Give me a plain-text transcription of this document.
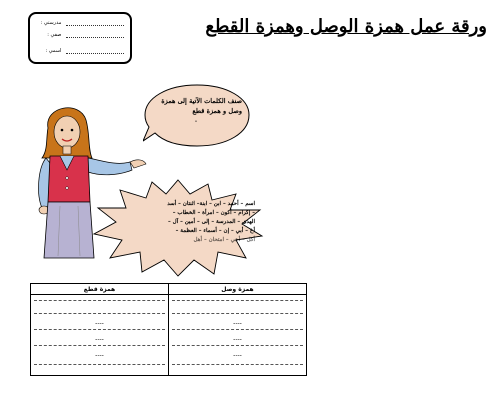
مدرستي :
صفي :
اسمي :
ورقة عمل همزة الوصل وهمزة القطع
صنف الكلمات الآتية إلى همزة وصل و همزة قطع
٠
اسم – أحمد – ابن – ابنة– اثنتان – أسد
– إكرام – أكون – امرأة – الخطاب –
الهدى – المدرسة – إلى – أمين – آل –
أخ – أبي – إن – أسماء – العظمة –
أكل – أخي – امتحان – أهل
همزة قطع	همزة وصل

----	----

----	----

----	----
